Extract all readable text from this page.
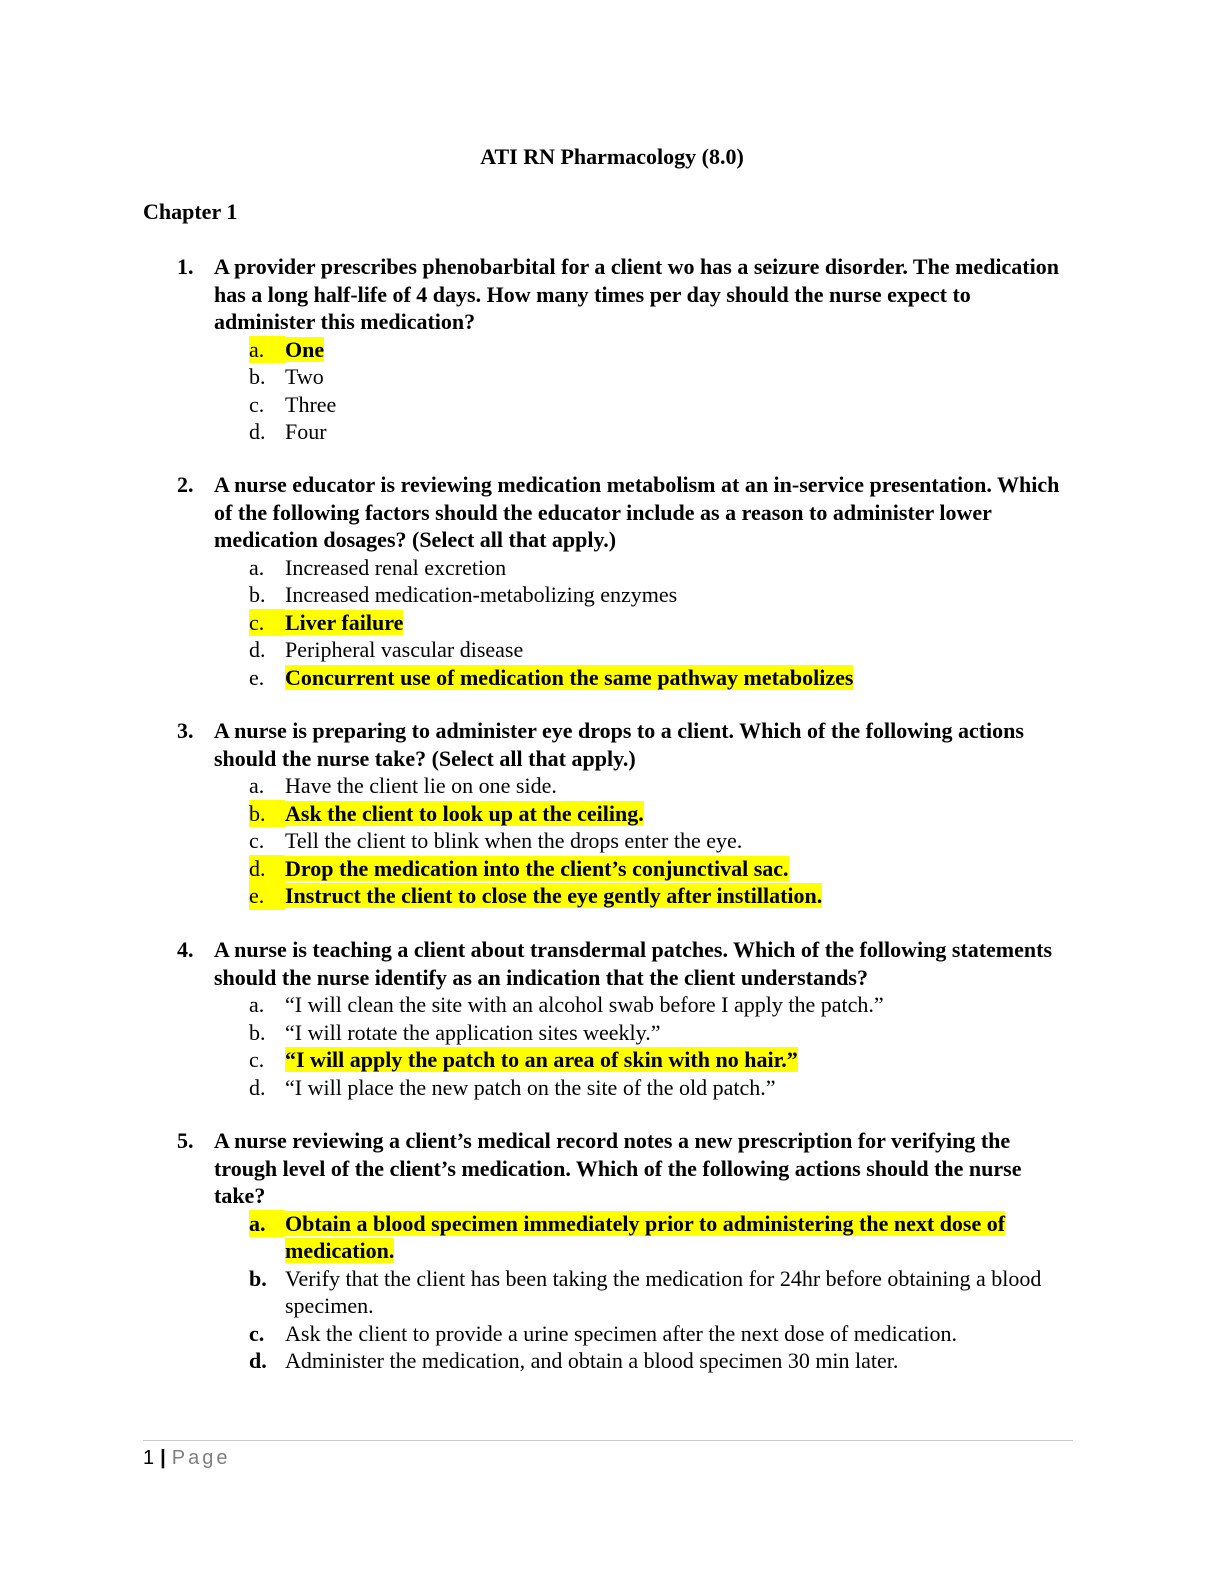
ATI RN Pharmacology (8.0)
Chapter 1
1. A provider prescribes phenobarbital for a client wo has a seizure disorder. The medication has a long half-life of 4 days. How many times per day should the nurse expect to administer this medication?
a. One
b. Two
c. Three
d. Four
2. A nurse educator is reviewing medication metabolism at an in-service presentation. Which of the following factors should the educator include as a reason to administer lower medication dosages? (Select all that apply.)
a. Increased renal excretion
b. Increased medication-metabolizing enzymes
c. Liver failure
d. Peripheral vascular disease
e. Concurrent use of medication the same pathway metabolizes
3. A nurse is preparing to administer eye drops to a client. Which of the following actions should the nurse take? (Select all that apply.)
a. Have the client lie on one side.
b. Ask the client to look up at the ceiling.
c. Tell the client to blink when the drops enter the eye.
d. Drop the medication into the client’s conjunctival sac.
e. Instruct the client to close the eye gently after instillation.
4. A nurse is teaching a client about transdermal patches. Which of the following statements should the nurse identify as an indication that the client understands?
a. “I will clean the site with an alcohol swab before I apply the patch.”
b. “I will rotate the application sites weekly.”
c. “I will apply the patch to an area of skin with no hair.”
d. “I will place the new patch on the site of the old patch.”
5. A nurse reviewing a client’s medical record notes a new prescription for verifying the trough level of the client’s medication. Which of the following actions should the nurse take?
a. Obtain a blood specimen immediately prior to administering the next dose of medication.
b. Verify that the client has been taking the medication for 24hr before obtaining a blood specimen.
c. Ask the client to provide a urine specimen after the next dose of medication.
d. Administer the medication, and obtain a blood specimen 30 min later.
1 | Page
